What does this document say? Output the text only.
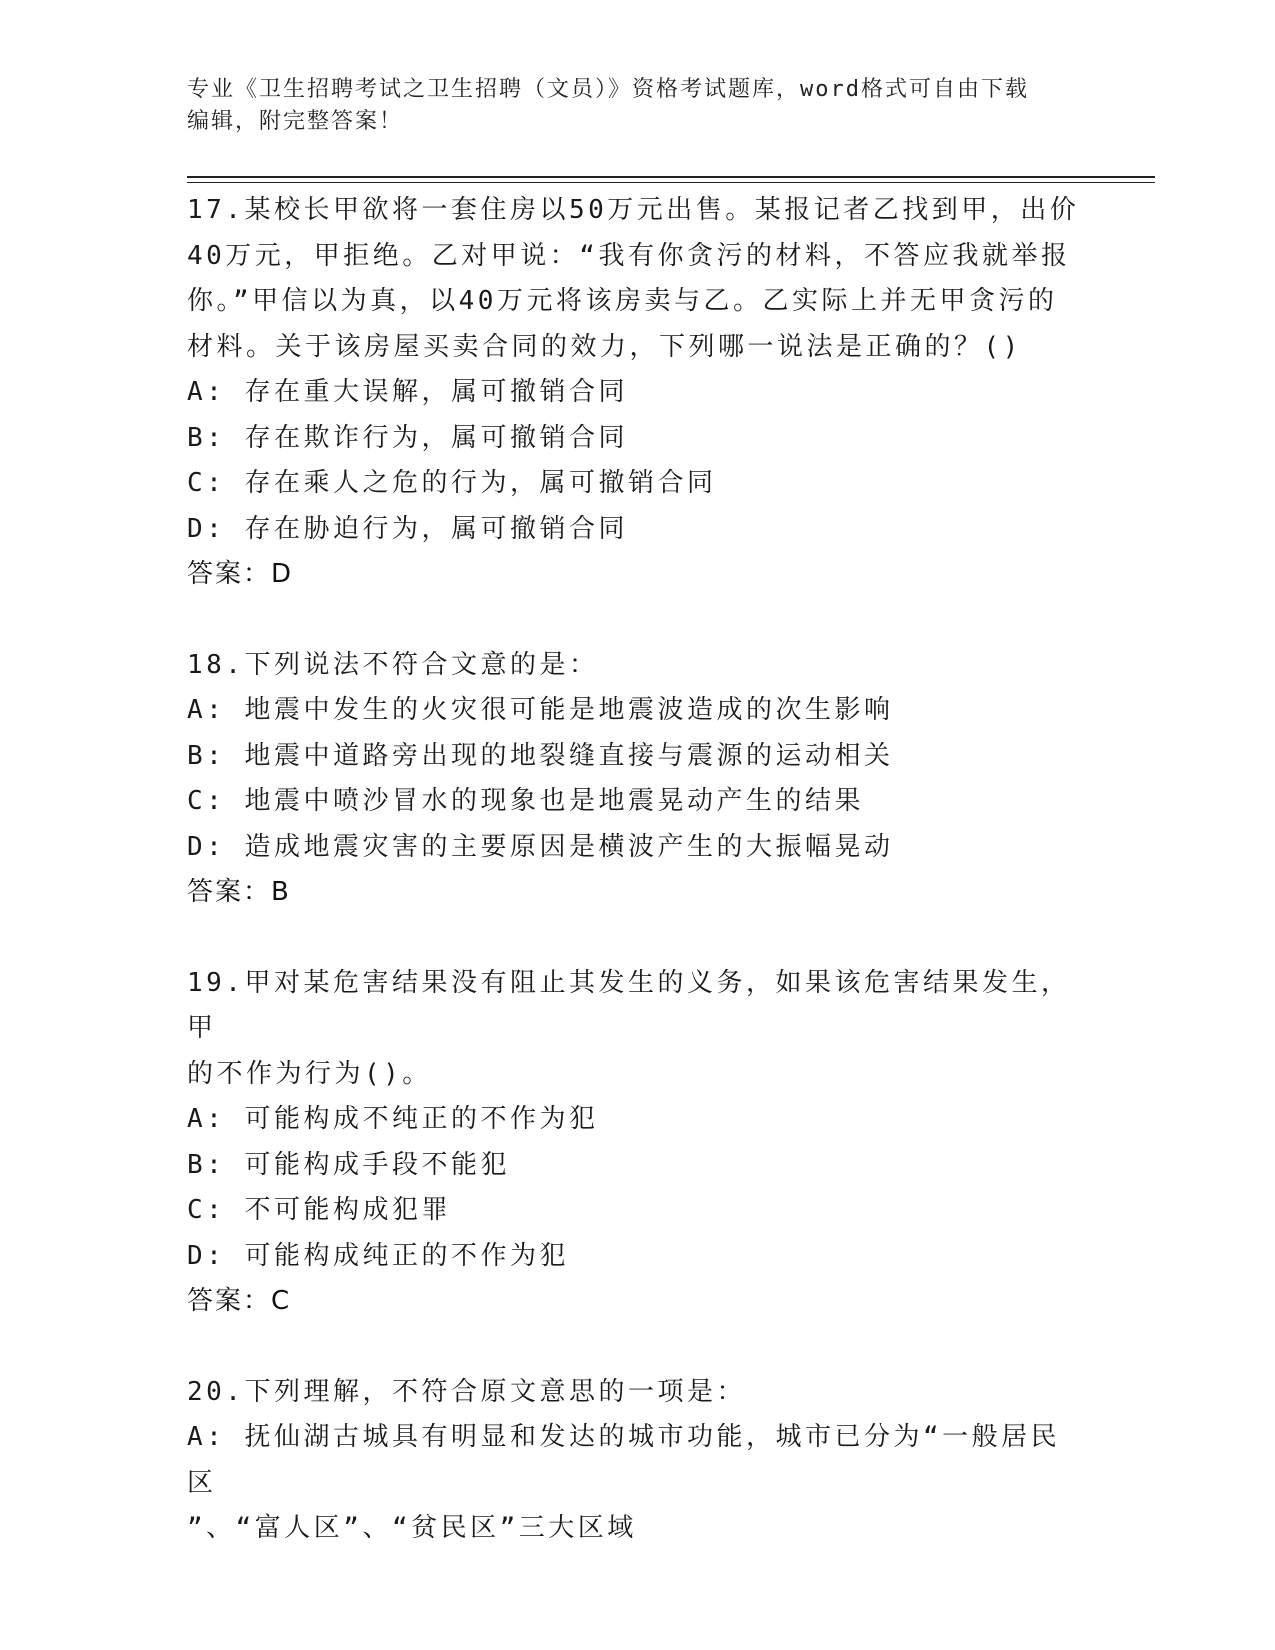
专业《卫生招聘考试之卫生招聘（文员）》资格考试题库，word格式可自由下载
编辑，附完整答案！
17.某校长甲欲将一套住房以50万元出售。某报记者乙找到甲，出价
40万元，甲拒绝。乙对甲说：“我有你贪污的材料，不答应我就举报
你。”甲信以为真，以40万元将该房卖与乙。乙实际上并无甲贪污的
材料。关于该房屋买卖合同的效力，下列哪一说法是正确的？()
A: 存在重大误解，属可撤销合同
B: 存在欺诈行为，属可撤销合同
C: 存在乘人之危的行为，属可撤销合同
D: 存在胁迫行为，属可撤销合同
答案：D
18.下列说法不符合文意的是：
A: 地震中发生的火灾很可能是地震波造成的次生影响
B: 地震中道路旁出现的地裂缝直接与震源的运动相关
C: 地震中喷沙冒水的现象也是地震晃动产生的结果
D: 造成地震灾害的主要原因是横波产生的大振幅晃动
答案：B
19.甲对某危害结果没有阻止其发生的义务，如果该危害结果发生，甲
的不作为行为()。
A: 可能构成不纯正的不作为犯
B: 可能构成手段不能犯
C: 不可能构成犯罪
D: 可能构成纯正的不作为犯
答案：C
20.下列理解，不符合原文意思的一项是：
A: 抚仙湖古城具有明显和发达的城市功能，城市已分为“一般居民区
”、“富人区”、“贫民区”三大区域
